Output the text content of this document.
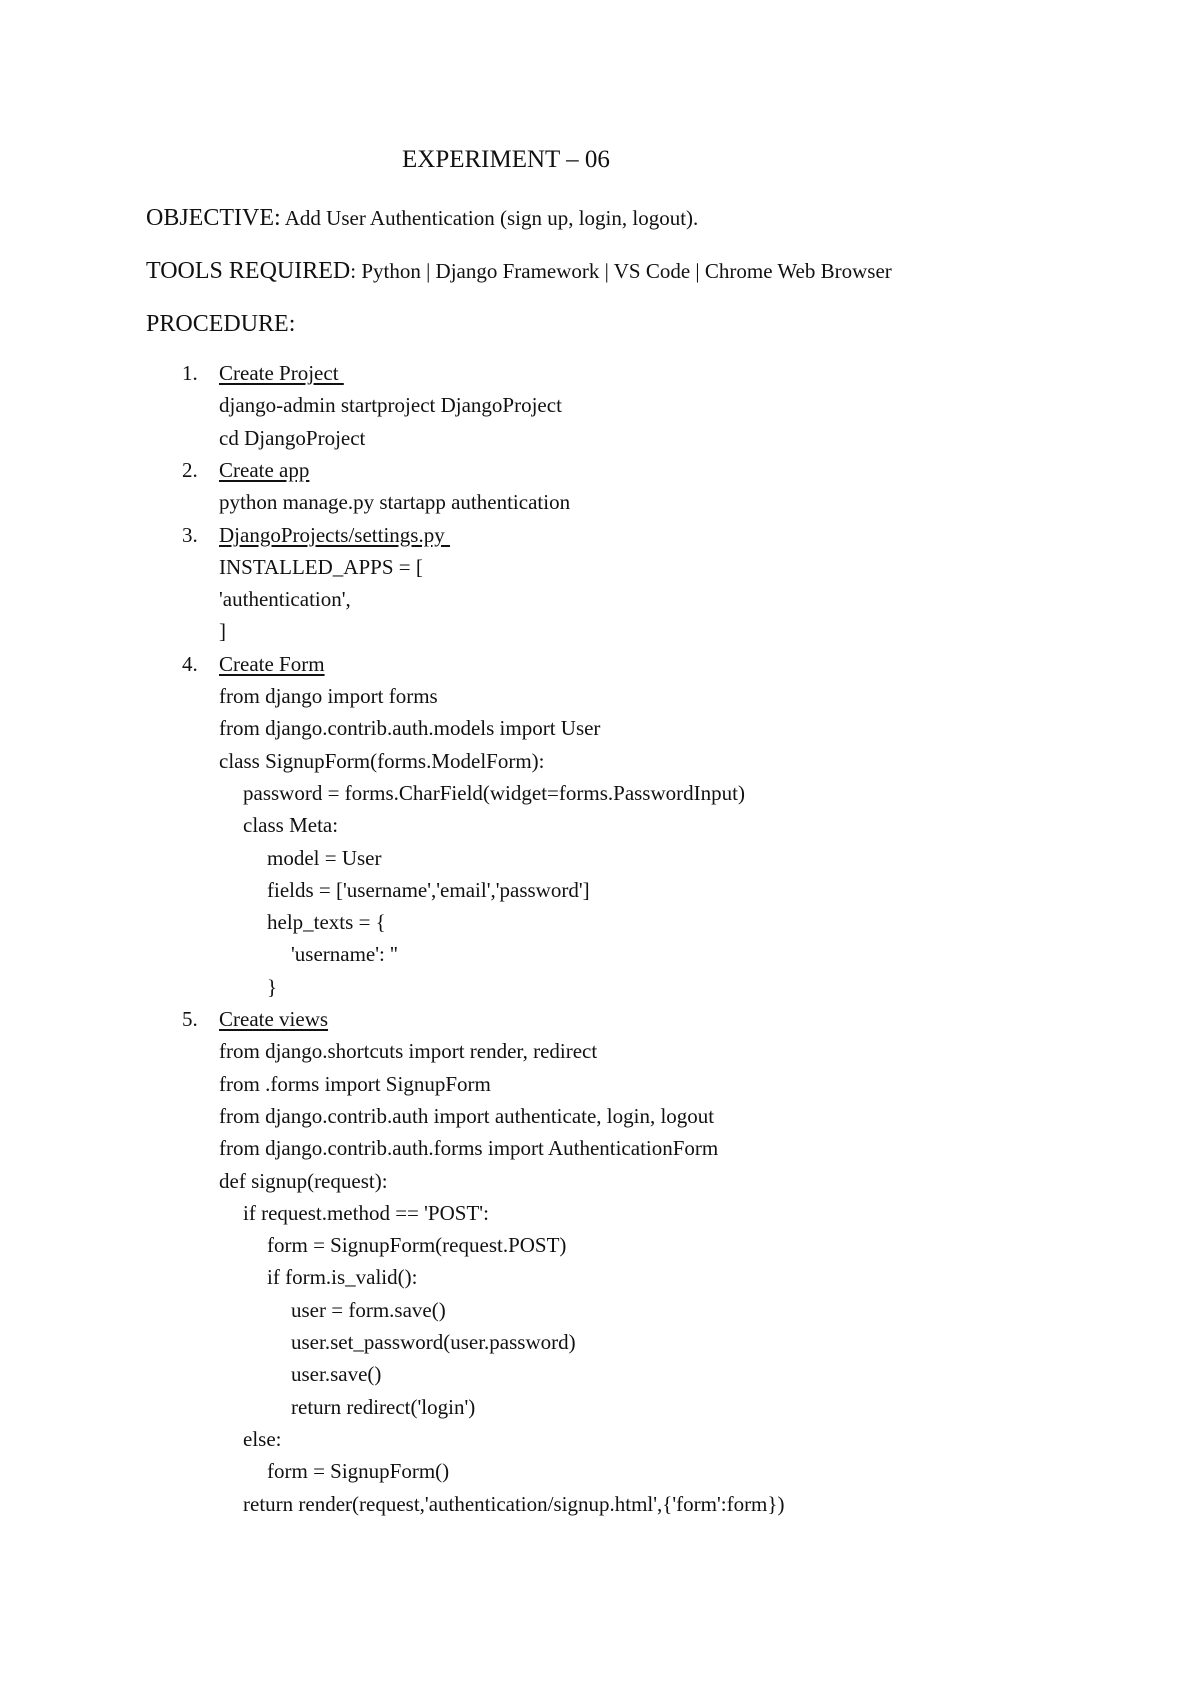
EXPERIMENT – 06
OBJECTIVE: Add User Authentication (sign up, login, logout).
TOOLS REQUIRED: Python | Django Framework | VS Code | Chrome Web Browser
PROCEDURE:
1. Create Project
django-admin startproject DjangoProject
cd DjangoProject
2. Create app
python manage.py startapp authentication
3. DjangoProjects/settings.py
INSTALLED_APPS = [
'authentication',
]
4. Create Form
from django import forms
from django.contrib.auth.models import User
class SignupForm(forms.ModelForm):
password = forms.CharField(widget=forms.PasswordInput)
class Meta:
model = User
fields = ['username','email','password']
help_texts = {
'username': ''
}
5. Create views
from django.shortcuts import render, redirect
from .forms import SignupForm
from django.contrib.auth import authenticate, login, logout
from django.contrib.auth.forms import AuthenticationForm
def signup(request):
if request.method == 'POST':
form = SignupForm(request.POST)
if form.is_valid():
user = form.save()
user.set_password(user.password)
user.save()
return redirect('login')
else:
form = SignupForm()
return render(request,'authentication/signup.html',{'form':form})
